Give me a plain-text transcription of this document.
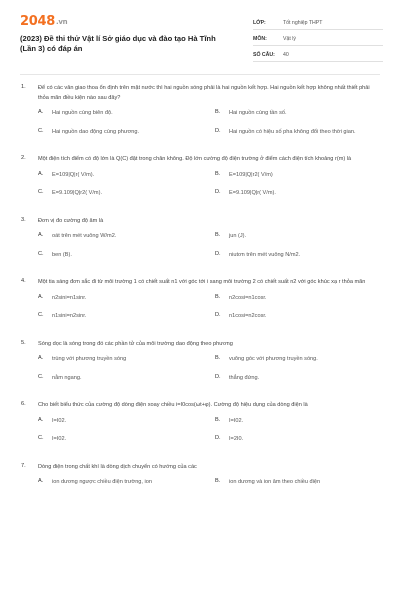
2048.vn
(2023) Đề thi thử Vật lí Sở giáo dục và đào tạo Hà Tĩnh (Lần 3) có đáp án
LỚP:	Tốt nghiệp THPT
MÔN:	Vật lý
SỐ CÂU:	40
1. Để có các vân giao thoa ổn định trên mặt nước thì hai nguồn sóng phải là hai nguồn kết hợp. Hai nguồn kết hợp không nhất thiết phải thỏa mãn điều kiện nào sau đây?
A.	Hai nguồn cùng biên độ.	B.	Hai nguồn cùng tần số.
C.	Hai nguồn dao động cùng phương.	D.	Hai nguồn có hiệu số pha không đổi theo thời gian.
2. Một điện tích điểm có độ lớn là Q(C) đặt trong chân không. Độ lớn cường độ điện trường ở điểm cách điện tích khoảng r(m) là
A.	E=109|Q|r( V/m).	B.	E=109|Q|r2( V/m)
C.	E=9.109|Q|r2( V/m).	D.	E=9.109|Q|r( V/m).
3. Đơn vị đo cường độ âm là
A.	oát trên mét vuông W/m2.	B.	jun (J).
C.	ben (B).	D.	niutơn trên mét vuông N/m2.
4. Một tia sáng đơn sắc đi từ môi trường 1 có chiết suất n1 với góc tới i sang môi trường 2 có chiết suất n2 với góc khúc xạ r thỏa mãn
A.	n2sini=n1sinr.	B.	n2cosi=n1cosr.
C.	n1sini=n2sinr.	D.	n1cosi=n2cosr.
5. Sóng dọc là sóng trong đó các phần tử của môi trường dao động theo phương
A.	trùng với phương truyền sóng	B.	vuông góc với phương truyền sóng.
C.	nằm ngang.	D.	thẳng đứng.
6. Cho biết biểu thức của cường độ dòng điện xoay chiều i=I0cos(ωt+φ). Cường độ hiệu dụng của dòng điện là
A.	I=I02.	B.	I=I02.
C.	I=I02.	D.	I=2I0.
7. Dòng điện trong chất khí là dòng dịch chuyển có hướng của các
A.	ion dương ngược chiều điện trường, ion	B.	ion dương và ion âm theo chiều điện
